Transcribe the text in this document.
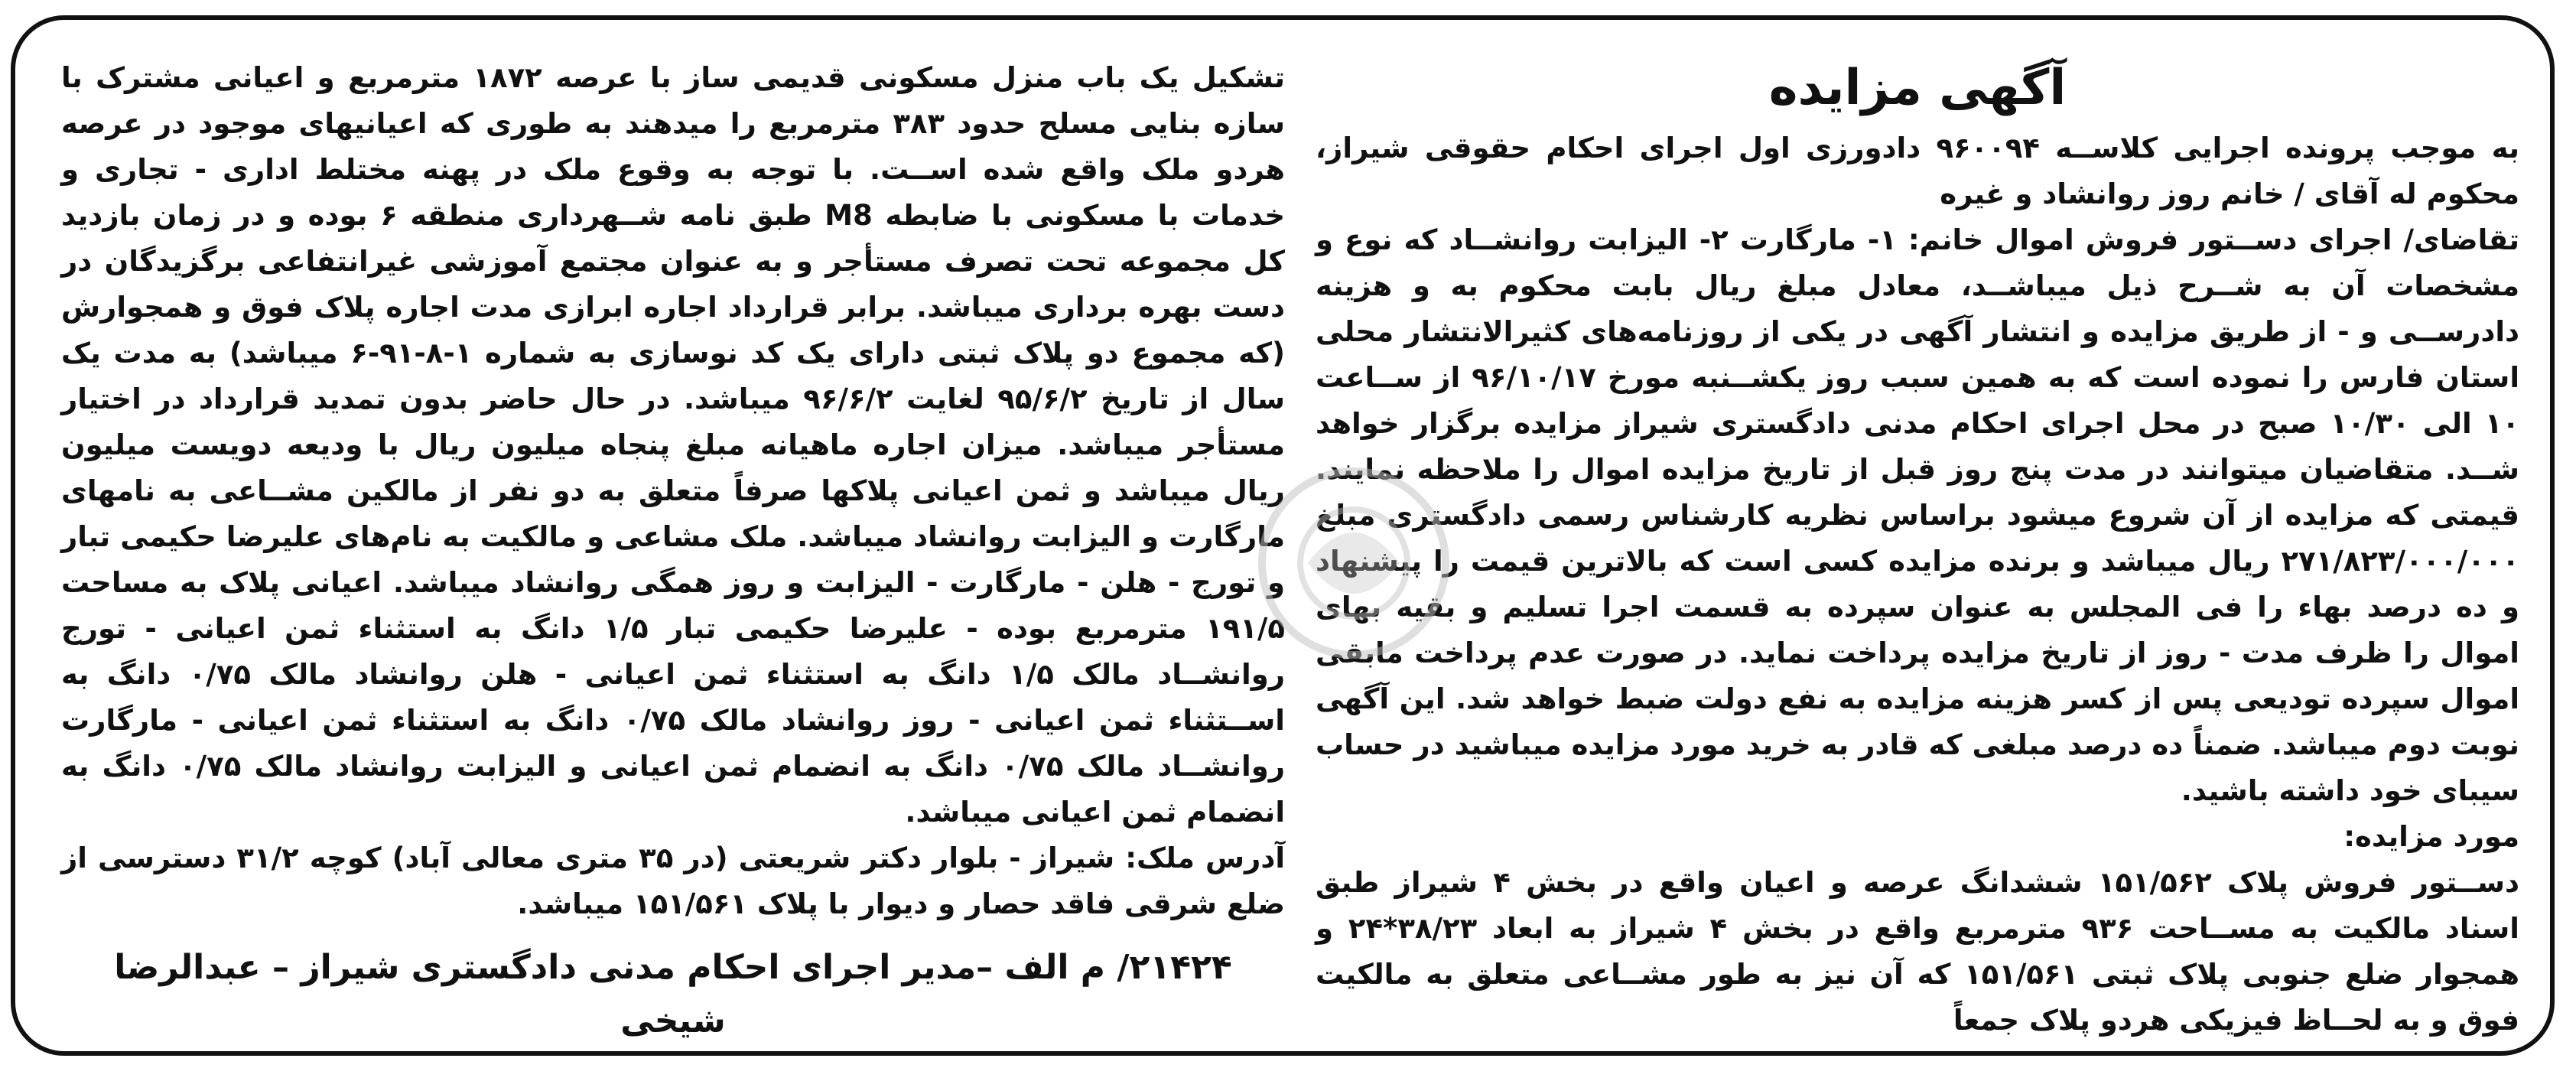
آگهی مزایده

به موجب پرونده اجرایی کلاســه ۹۶۰۰۹۴ دادورزی اول اجرای احکام حقوقی شیراز، محکوم له آقای / خانم روز روانشاد و غیره

تقاضای/ اجرای دســتور فروش اموال خانم: ۱- مارگارت ۲- الیزابت روانشــاد که نوع و مشخصات آن به شــرح ذیل میباشــد، معادل مبلغ ریال بابت محکوم به و هزینه دادرســی و - از طریق مزایده و انتشار آگهی در یکی از روزنامه‌های کثیرالانتشار محلی استان فارس را نموده است که به همین سبب روز یکشــنبه مورخ ۹۶/۱۰/۱۷ از ســاعت ۱۰ الی ۱۰/۳۰ صبح در محل اجرای احکام مدنی دادگستری شیراز مزایده برگزار خواهد شــد. متقاضیان میتوانند در مدت پنج روز قبل از تاریخ مزایده اموال را ملاحظه نمایند. قیمتی که مزایده از آن شروع میشود براساس نظریه کارشناس رسمی دادگستری مبلغ ۲۷۱/۸۲۳/۰۰۰/۰۰۰ ریال میباشد و برنده مزایده کسی است که بالاترین قیمت را پیشنهاد و ده درصد بهاء را فی المجلس به عنوان سپرده به قسمت اجرا تسلیم و بقیه بهای اموال را ظرف مدت - روز از تاریخ مزایده پرداخت نماید. در صورت عدم پرداخت مابقی اموال سپرده تودیعی پس از کسر هزینه مزایده به نفع دولت ضبط خواهد شد. این آگهی نوبت دوم میباشد. ضمناً ده درصد مبلغی که قادر به خرید مورد مزایده میباشید در حساب سیبای خود داشته باشید.

مورد مزایده:

دســتور فروش پلاک ۱۵۱/۵۶۲ ششدانگ عرصه و اعیان واقع در بخش ۴ شیراز طبق اسناد مالکیت به مســاحت ۹۳۶ مترمربع واقع در بخش ۴ شیراز به ابعاد ۳۸/۲۳*۲۴ و همجوار ضلع جنوبی پلاک ثبتی ۱۵۱/۵۶۱ که آن نیز به طور مشــاعی متعلق به مالکیت فوق و به لحــاظ فیزیکی هردو پلاک جمعاً

تشکیل یک باب منزل مسکونی قدیمی ساز با عرصه ۱۸۷۲ مترمربع و اعیانی مشترک با سازه بنایی مسلح حدود ۳۸۳ مترمربع را میدهند به طوری که اعیانیهای موجود در عرصه هردو ملک واقع شده اســت. با توجه به وقوع ملک در پهنه مختلط اداری - تجاری و خدمات با مسکونی با ضابطه M8 طبق نامه شــهرداری منطقه ۶ بوده و در زمان بازدید کل مجموعه تحت تصرف مستأجر و به عنوان مجتمع آموزشی غیرانتفاعی برگزیدگان در دست بهره برداری میباشد. برابر قرارداد اجاره ابرازی مدت اجاره پلاک فوق و همجوارش (که مجموع دو پلاک ثبتی دارای یک کد نوسازی به شماره ۱-۸-۹۱-۶ میباشد) به مدت یک سال از تاریخ ۹۵/۶/۲ لغایت ۹۶/۶/۲ میباشد. در حال حاضر بدون تمدید قرارداد در اختیار مستأجر میباشد. میزان اجاره ماهیانه مبلغ پنجاه میلیون ریال با ودیعه دویست میلیون ریال میباشد و ثمن اعیانی پلاکها صرفاً متعلق به دو نفر از مالکین مشــاعی به نامهای مارگارت و الیزابت روانشاد میباشد. ملک مشاعی و مالکیت به نام‌های علیرضا حکیمی تبار و تورج - هلن - مارگارت - الیزابت و روز همگی روانشاد میباشد. اعیانی پلاک به مساحت ۱۹۱/۵ مترمربع بوده - علیرضا حکیمی تبار ۱/۵ دانگ به استثناء ثمن اعیانی - تورج روانشــاد مالک ۱/۵ دانگ به استثناء ثمن اعیانی - هلن روانشاد مالک ۰/۷۵ دانگ به اســتثناء ثمن اعیانی - روز روانشاد مالک ۰/۷۵ دانگ به استثناء ثمن اعیانی - مارگارت روانشــاد مالک ۰/۷۵ دانگ به انضمام ثمن اعیانی و الیزابت روانشاد مالک ۰/۷۵ دانگ به انضمام ثمن اعیانی میباشد.

آدرس ملک: شیراز - بلوار دکتر شریعتی (در ۳۵ متری معالی آباد) کوچه ۳۱/۲ دسترسی از ضلع شرقی فاقد حصار و دیوار با پلاک ۱۵۱/۵۶۱ میباشد.

۲۱۴۲۴/ م الف –مدیر اجرای احکام مدنی دادگستری شیراز – عبدالرضا شیخی
